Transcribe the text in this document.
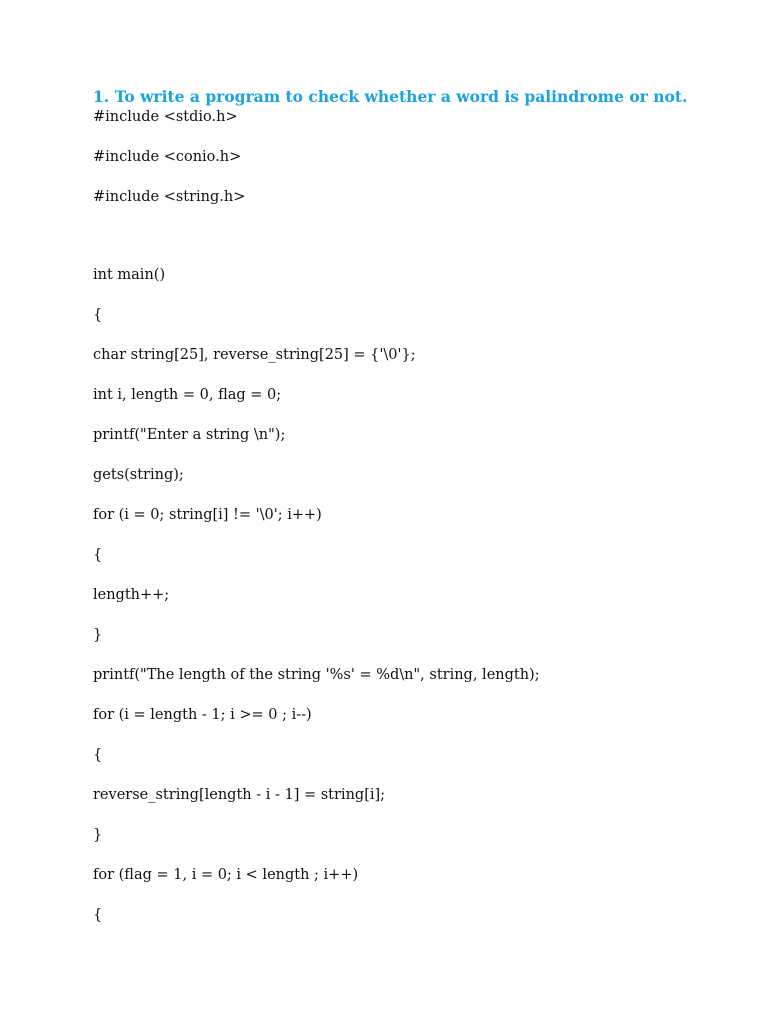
1. To write a program to check whether a word is palindrome or not.
#include <stdio.h>
#include <conio.h>
#include <string.h>
int main()
{
char string[25], reverse_string[25] = {'\0'};
int i, length = 0, flag = 0;
printf("Enter a string \n");
gets(string);
for (i = 0; string[i] != '\0'; i++)
{
length++;
}
printf("The length of the string '%s' = %d\n", string, length);
for (i = length - 1; i >= 0 ; i--)
{
reverse_string[length - i - 1] = string[i];
}
for (flag = 1, i = 0; i < length ; i++)
{
